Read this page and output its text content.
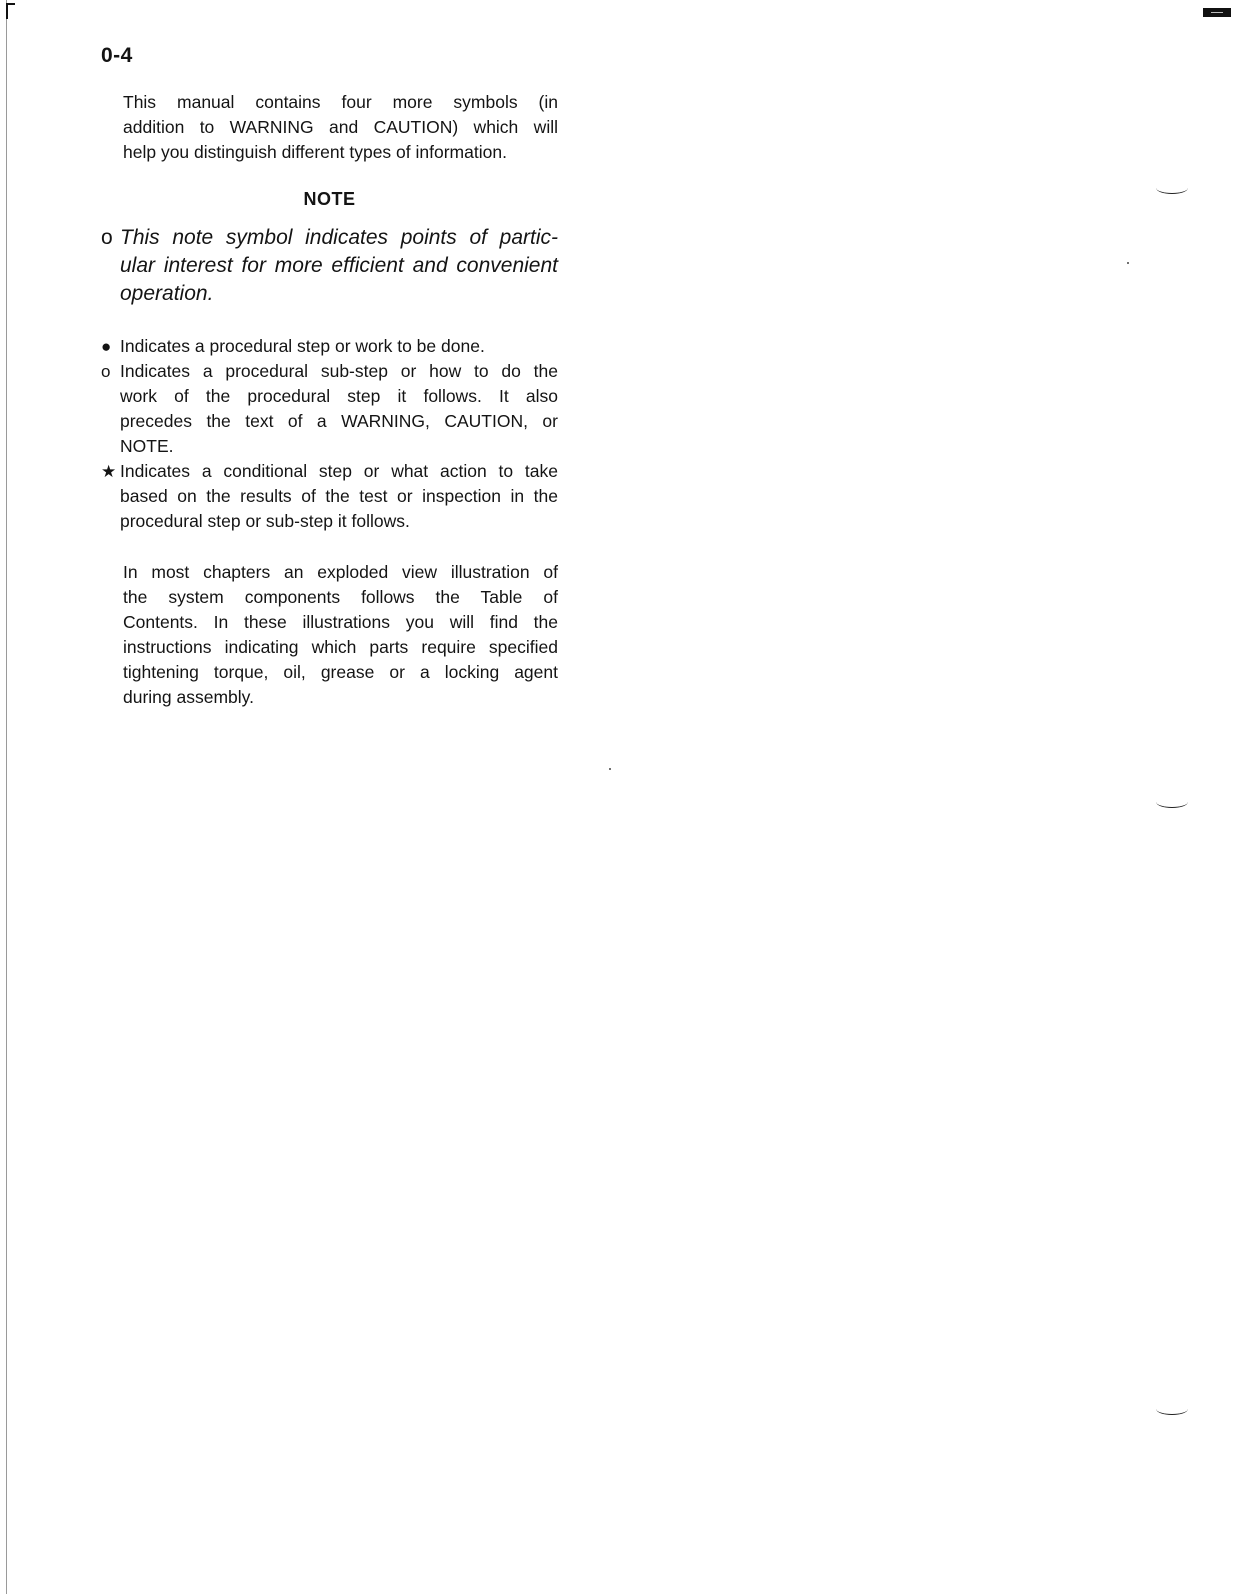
0-4

This manual contains four more symbols (in
addition to WARNING and CAUTION) which will
help you distinguish different types of information.

NOTE
o This note symbol indicates points of partic-
ular interest for more efficient and convenient
operation.
● Indicates a procedural step or work to be done.
o Indicates a procedural sub-step or how to do the
work of the procedural step it follows. It also
precedes the text of a WARNING, CAUTION, or
NOTE.
★ Indicates a conditional step or what action to take
based on the results of the test or inspection in the
procedural step or sub-step it follows.

In most chapters an exploded view illustration of
the system components follows the Table of
Contents. In these illustrations you will find the
instructions indicating which parts require specified
tightening torque, oil, grease or a locking agent
during assembly.
